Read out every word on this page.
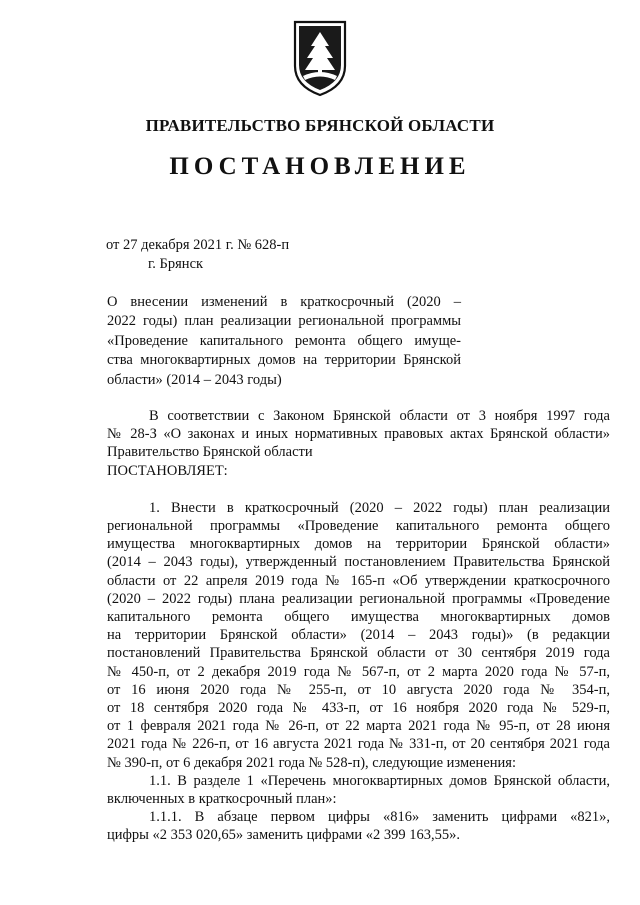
ПРАВИТЕЛЬСТВО БРЯНСКОЙ ОБЛАСТИ
ПОСТАНОВЛЕНИЕ
от 27 декабря 2021 г. № 628-п
г. Брянск
О внесении изменений в краткосрочный (2020 –
2022 годы) план реализации региональной программы
«Проведение капитального ремонта общего имуще-
ства многоквартирных домов на территории Брянской
области» (2014 – 2043 годы)
В соответствии с Законом Брянской области от 3 ноября 1997 года
№ 28-З «О законах и иных нормативных правовых актах Брянской области»
Правительство Брянской области
ПОСТАНОВЛЯЕТ:
1. Внести в краткосрочный (2020 – 2022 годы) план реализации
региональной программы «Проведение капитального ремонта общего
имущества многоквартирных домов на территории Брянской области»
(2014 – 2043 годы), утвержденный постановлением Правительства Брянской
области от 22 апреля 2019 года № 165-п «Об утверждении краткосрочного
(2020 – 2022 годы) плана реализации региональной программы «Проведение
капитального ремонта общего имущества многоквартирных домов
на территории Брянской области» (2014 – 2043 годы)» (в редакции
постановлений Правительства Брянской области от 30 сентября 2019 года
№ 450-п, от 2 декабря 2019 года № 567-п, от 2 марта 2020 года № 57-п,
от 16 июня 2020 года № 255-п, от 10 августа 2020 года № 354-п,
от 18 сентября 2020 года № 433-п, от 16 ноября 2020 года № 529-п,
от 1 февраля 2021 года № 26-п, от 22 марта 2021 года № 95-п, от 28 июня
2021 года № 226-п, от 16 августа 2021 года № 331-п, от 20 сентября 2021 года
№ 390-п, от 6 декабря 2021 года № 528-п), следующие изменения:
1.1. В разделе 1 «Перечень многоквартирных домов Брянской области,
включенных в краткосрочный план»:
1.1.1. В абзаце первом цифры «816» заменить цифрами «821»,
цифры «2 353 020,65» заменить цифрами «2 399 163,55».
